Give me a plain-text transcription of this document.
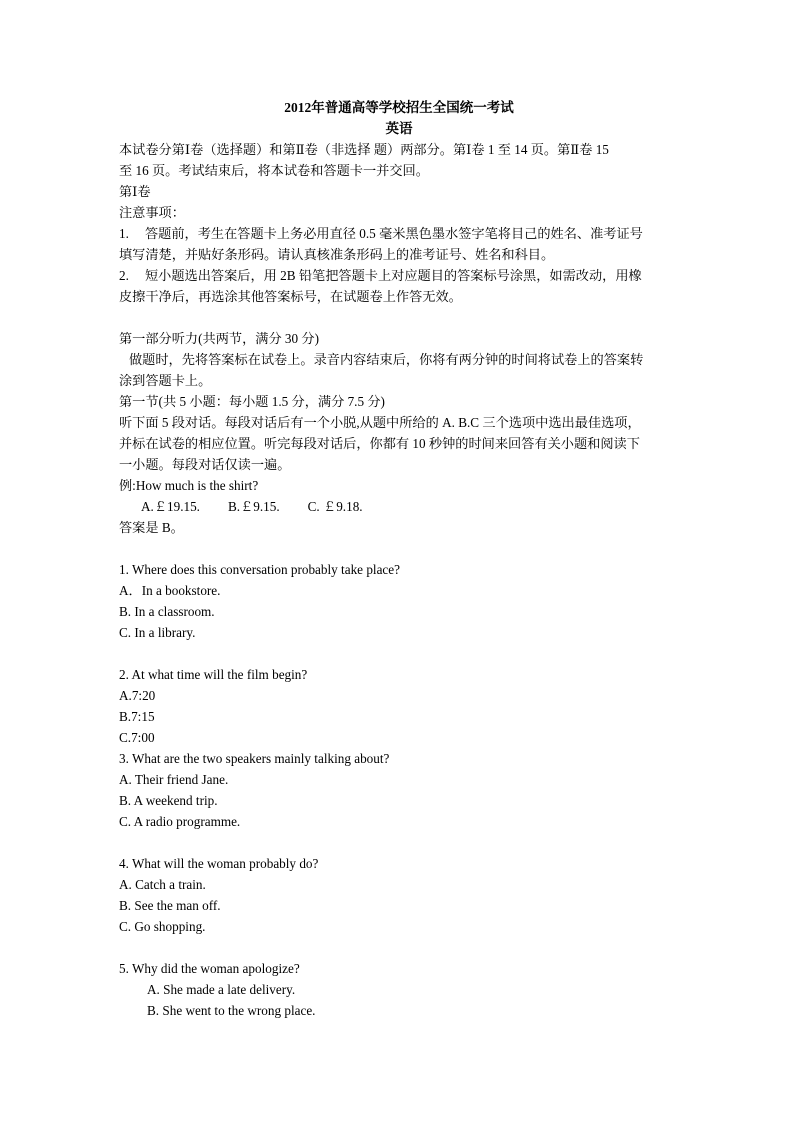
2012年普通高等学校招生全国统一考试
英语
本试卷分第Ⅰ卷（选择题）和第Ⅱ卷（非选择 题）两部分。第Ⅰ卷 1 至 14 页。第Ⅱ卷 15
至 16 页。考试结束后，将本试卷和答题卡一并交回。
第Ⅰ卷
注意事项：
1. 答题前，考生在答题卡上务必用直径 0.5 毫米黑色墨水签字笔将目己的姓名、准考证号
填写清楚，并贴好条形码。请认真核准条形码上的准考证号、姓名和科目。
2. 短小题选出答案后，用 2B 铅笔把答题卡上对应题目的答案标号涂黑，如需改动，用橡
皮擦干净后，再选涂其他答案标号，在试题卷上作答无效。
第一部分听力(共两节，满分 30 分)
做题时，先将答案标在试卷上。录音内容结束后，你将有两分钟的时间将试卷上的答案转
涂到答题卡上。
第一节(共 5 小题：每小题 1.5 分，满分 7.5 分)
听下面 5 段对话。每段对话后有一个小脱,从题中所给的 A. B.C 三个选项中选出最佳选项，
并标在试卷的相应位置。听完每段对话后，你都有 10 秒钟的时间来回答有关小题和阅读下
一小题。每段对话仅读一遍。
例:How much is the shirt?
A.￡19.15. B.￡9.15. C. ￡9.18.
答案是 B。
1. Where does this conversation probably take place?
A．In a bookstore.
B. In a classroom.
C. In a library.
2. At what time will the film begin?
A.7:20
B.7:15
C.7:00
3. What are the two speakers mainly talking about?
A. Their friend Jane.
B. A weekend trip.
C. A radio programme.
4. What will the woman probably do?
A. Catch a train.
B. See the man off.
C. Go shopping.
5. Why did the woman apologize?
A. She made a late delivery.
B. She went to the wrong place.
